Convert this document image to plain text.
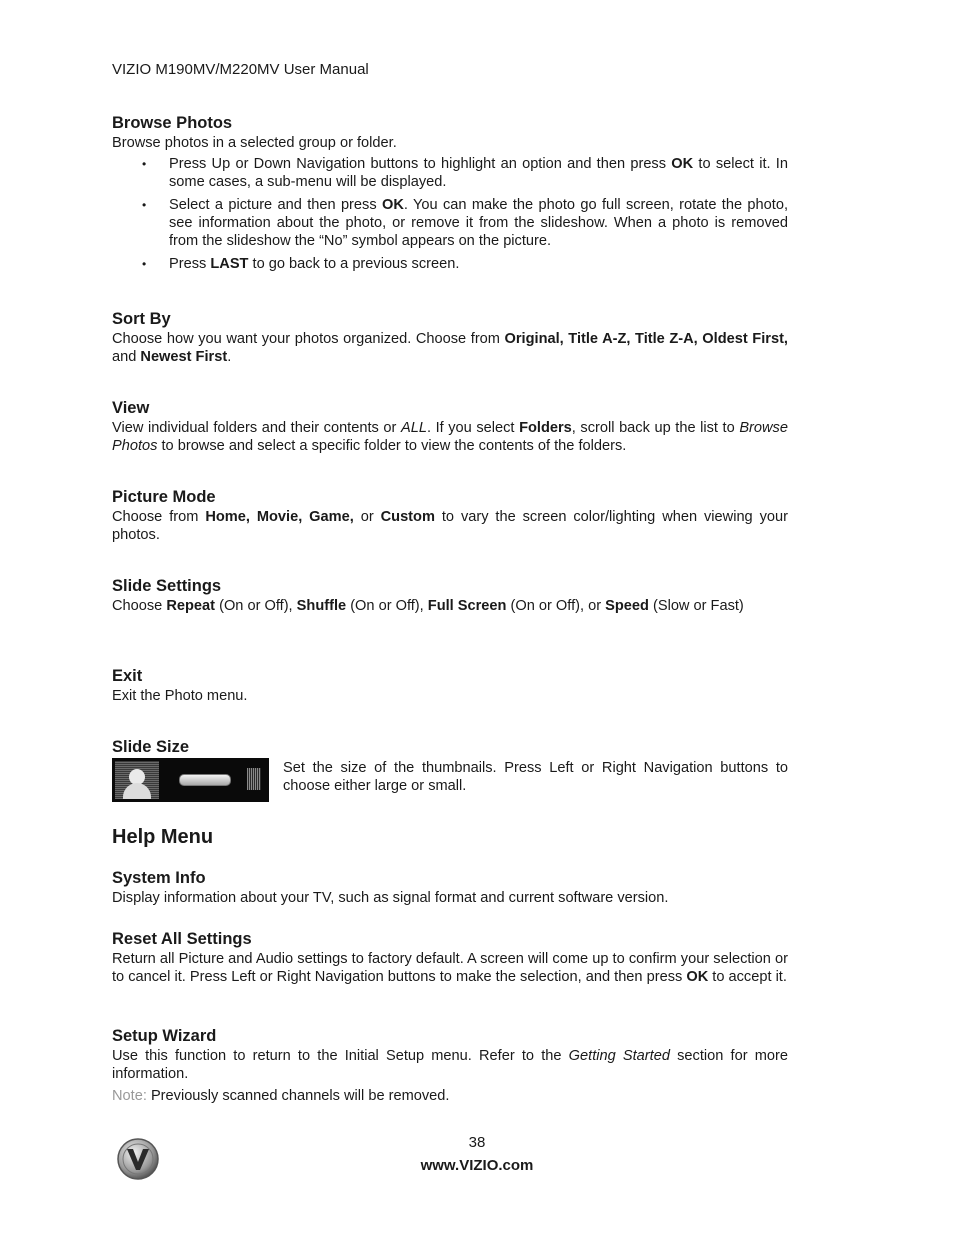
VIZIO M190MV/M220MV User Manual
Browse Photos

Browse photos in a selected group or folder.

• Press Up or Down Navigation buttons to highlight an option and then press OK to select it. In some cases, a sub-menu will be displayed.
• Select a picture and then press OK. You can make the photo go full screen, rotate the photo, see information about the photo, or remove it from the slideshow. When a photo is removed from the slideshow the “No” symbol appears on the picture.
• Press LAST to go back to a previous screen.
Sort By

Choose how you want your photos organized. Choose from Original, Title A-Z, Title Z-A, Oldest First, and Newest First.

View

View individual folders and their contents or ALL. If you select Folders, scroll back up the list to Browse Photos to browse and select a specific folder to view the contents of the folders.

Picture Mode

Choose from Home, Movie, Game, or Custom to vary the screen color/lighting when viewing your photos.

Slide Settings

Choose Repeat (On or Off), Shuffle (On or Off), Full Screen (On or Off), or Speed (Slow or Fast)

Exit

Exit the Photo menu.

Slide Size

Set the size of the thumbnails. Press Left or Right Navigation buttons to choose either large or small.

Help Menu
System Info

Display information about your TV, such as signal format and current software version.

Reset All Settings

Return all Picture and Audio settings to factory default. A screen will come up to confirm your selection or to cancel it. Press Left or Right Navigation buttons to make the selection, and then press OK to accept it.

Setup Wizard

Use this function to return to the Initial Setup menu. Refer to the Getting Started section for more information.

Note: Previously scanned channels will be removed.

38
www.VIZIO.com
